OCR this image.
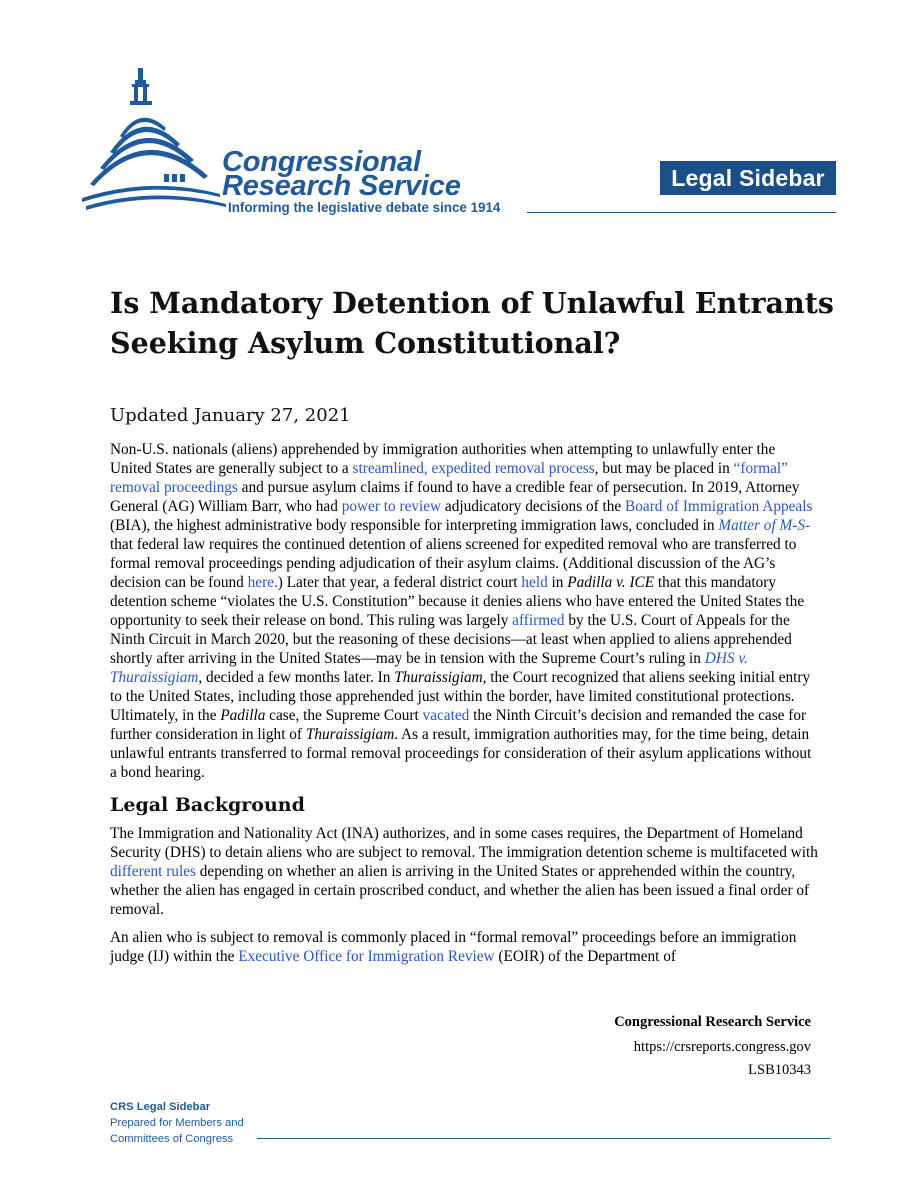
Congressional
Research Service
Informing the legislative debate since 1914
Legal Sidebar
Is Mandatory Detention of Unlawful Entrants Seeking Asylum Constitutional?

Updated January 27, 2021

Non-U.S. nationals (aliens) apprehended by immigration authorities when attempting to unlawfully enter the United States are generally subject to a streamlined, expedited removal process, but may be placed in “formal” removal proceedings and pursue asylum claims if found to have a credible fear of persecution. In 2019, Attorney General (AG) William Barr, who had power to review adjudicatory decisions of the Board of Immigration Appeals (BIA), the highest administrative body responsible for interpreting immigration laws, concluded in Matter of M-S- that federal law requires the continued detention of aliens screened for expedited removal who are transferred to formal removal proceedings pending adjudication of their asylum claims. (Additional discussion of the AG’s decision can be found here.) Later that year, a federal district court held in Padilla v. ICE that this mandatory detention scheme “violates the U.S. Constitution” because it denies aliens who have entered the United States the opportunity to seek their release on bond. This ruling was largely affirmed by the U.S. Court of Appeals for the Ninth Circuit in March 2020, but the reasoning of these decisions—at least when applied to aliens apprehended shortly after arriving in the United States—may be in tension with the Supreme Court’s ruling in DHS v. Thuraissigiam, decided a few months later. In Thuraissigiam, the Court recognized that aliens seeking initial entry to the United States, including those apprehended just within the border, have limited constitutional protections. Ultimately, in the Padilla case, the Supreme Court vacated the Ninth Circuit’s decision and remanded the case for further consideration in light of Thuraissigiam. As a result, immigration authorities may, for the time being, detain unlawful entrants transferred to formal removal proceedings for consideration of their asylum applications without a bond hearing.

Legal Background

The Immigration and Nationality Act (INA) authorizes, and in some cases requires, the Department of Homeland Security (DHS) to detain aliens who are subject to removal. The immigration detention scheme is multifaceted with different rules depending on whether an alien is arriving in the United States or apprehended within the country, whether the alien has engaged in certain proscribed conduct, and whether the alien has been issued a final order of removal.

An alien who is subject to removal is commonly placed in “formal removal” proceedings before an immigration judge (IJ) within the Executive Office for Immigration Review (EOIR) of the Department of

Congressional Research Service
https://crsreports.congress.gov
LSB10343
CRS Legal Sidebar
Prepared for Members and
Committees of Congress
